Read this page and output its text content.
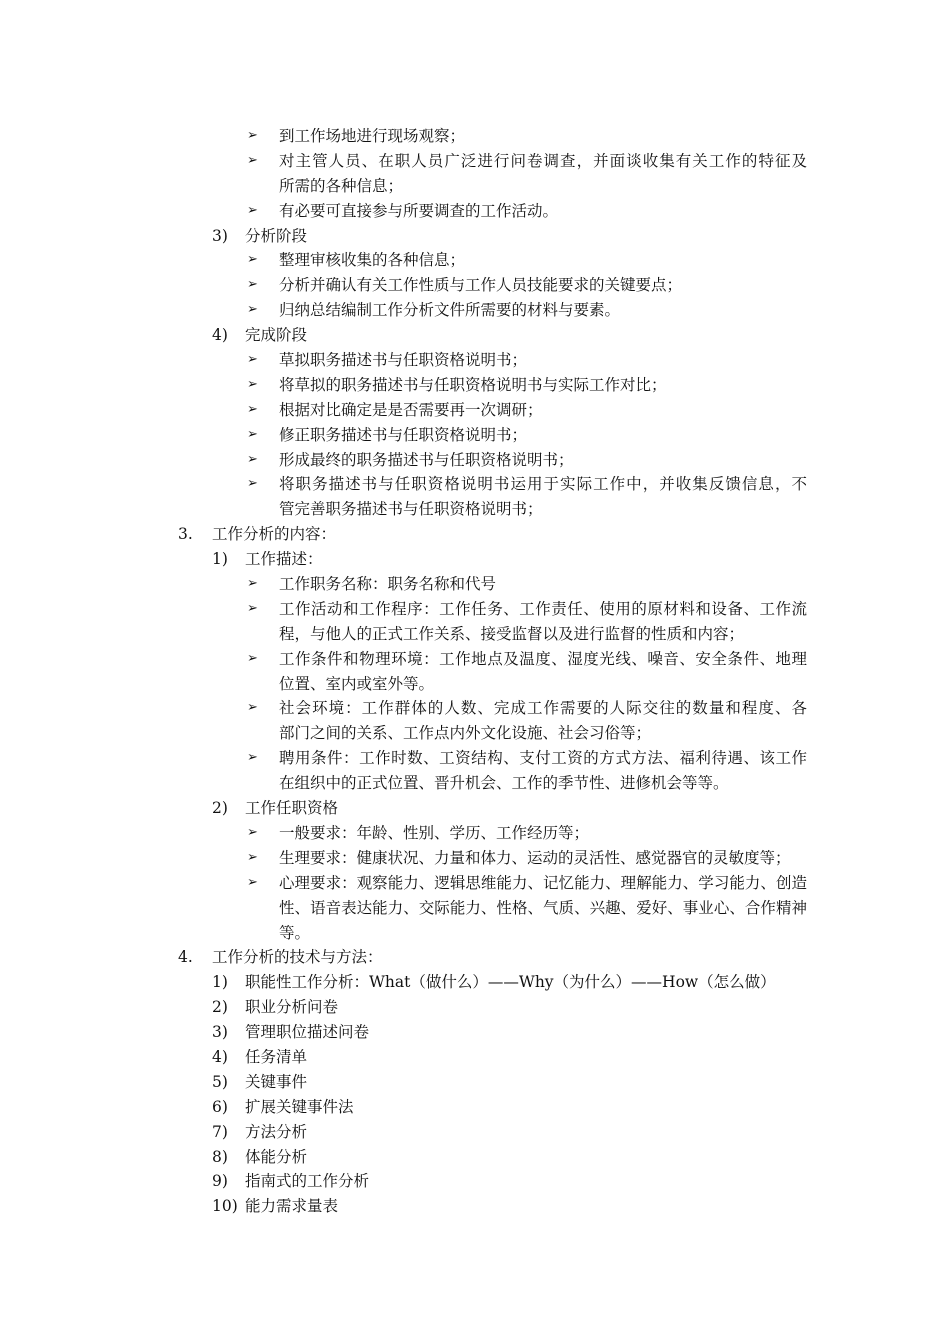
➢ 到工作场地进行现场观察；
➢ 对主管人员、在职人员广泛进行问卷调查，并面谈收集有关工作的特征及
所需的各种信息；
➢ 有必要可直接参与所要调查的工作活动。
3) 分析阶段
➢ 整理审核收集的各种信息；
➢ 分析并确认有关工作性质与工作人员技能要求的关键要点；
➢ 归纳总结编制工作分析文件所需要的材料与要素。
4) 完成阶段
➢ 草拟职务描述书与任职资格说明书；
➢ 将草拟的职务描述书与任职资格说明书与实际工作对比；
➢ 根据对比确定是是否需要再一次调研；
➢ 修正职务描述书与任职资格说明书；
➢ 形成最终的职务描述书与任职资格说明书；
➢ 将职务描述书与任职资格说明书运用于实际工作中，并收集反馈信息，不
管完善职务描述书与任职资格说明书；
3. 工作分析的内容：
1) 工作描述：
➢ 工作职务名称：职务名称和代号
➢ 工作活动和工作程序：工作任务、工作责任、使用的原材料和设备、工作流
程，与他人的正式工作关系、接受监督以及进行监督的性质和内容；
➢ 工作条件和物理环境：工作地点及温度、湿度光线、噪音、安全条件、地理
位置、室内或室外等。
➢ 社会环境：工作群体的人数、完成工作需要的人际交往的数量和程度、各
部门之间的关系、工作点内外文化设施、社会习俗等；
➢ 聘用条件：工作时数、工资结构、支付工资的方式方法、福利待遇、该工作
在组织中的正式位置、晋升机会、工作的季节性、进修机会等等。
2) 工作任职资格
➢ 一般要求：年龄、性别、学历、工作经历等；
➢ 生理要求：健康状况、力量和体力、运动的灵活性、感觉器官的灵敏度等；
➢ 心理要求：观察能力、逻辑思维能力、记忆能力、理解能力、学习能力、创造
性、语音表达能力、交际能力、性格、气质、兴趣、爱好、事业心、合作精神
等。
4. 工作分析的技术与方法：
1) 职能性工作分析：What（做什么）——Why（为什么）——How（怎么做）
2) 职业分析问卷
3) 管理职位描述问卷
4) 任务清单
5) 关键事件
6) 扩展关键事件法
7) 方法分析
8) 体能分析
9) 指南式的工作分析
10) 能力需求量表
